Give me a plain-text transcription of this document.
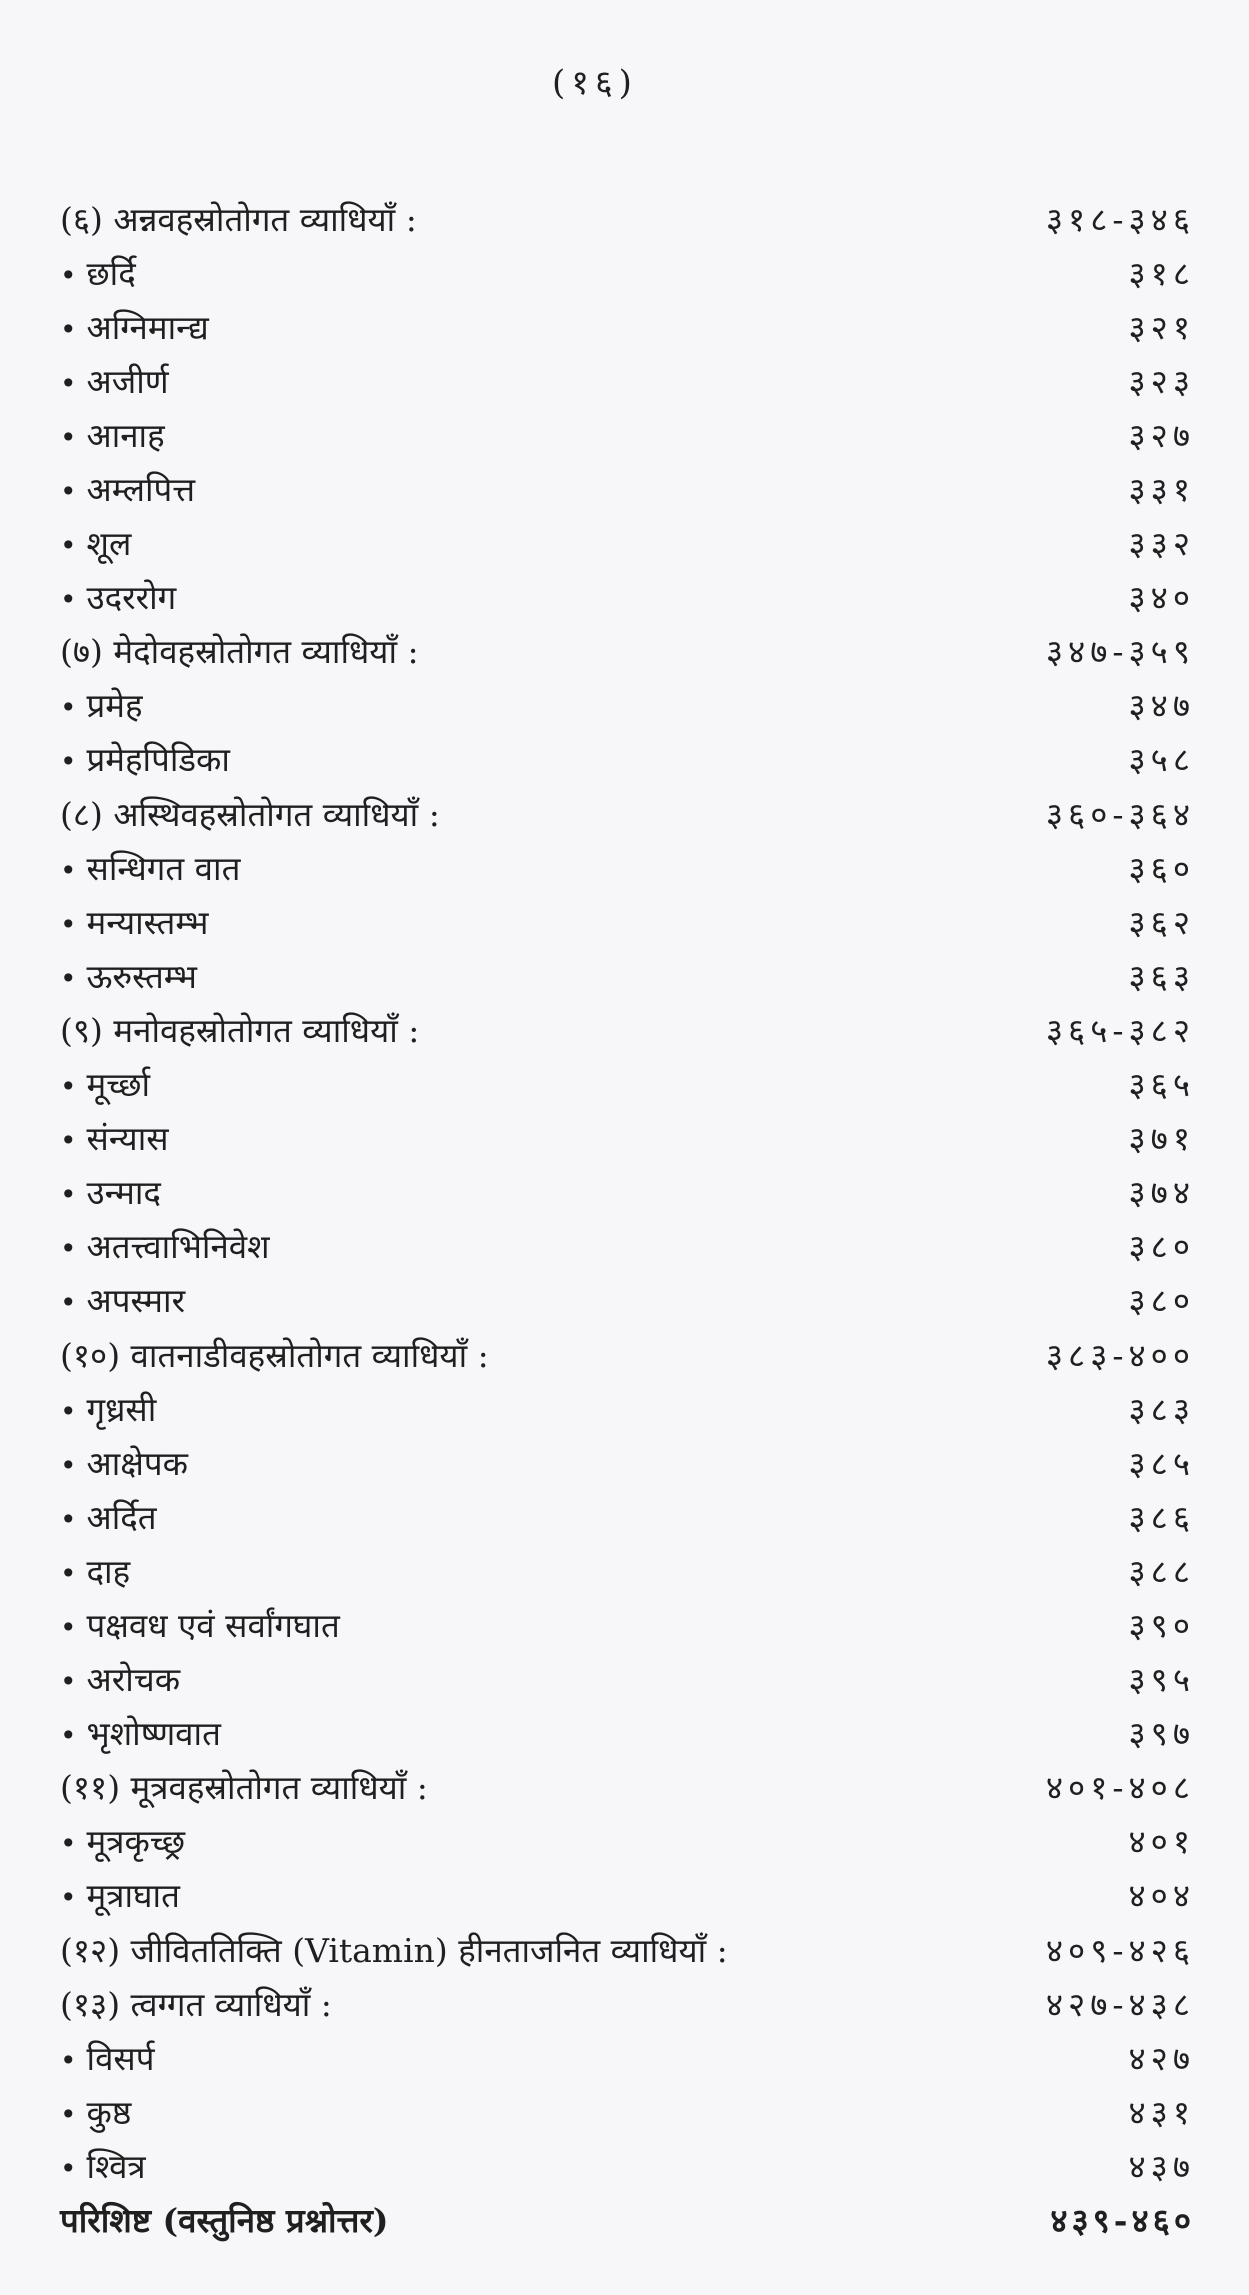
(१६)
(६) अन्नवहस्रोतोगत व्याधियाँ :	३१८-३४६
• छर्दि	३१८
• अग्निमान्द्य	३२१
• अजीर्ण	३२३
• आनाह	३२७
• अम्लपित्त	३३१
• शूल	३३२
• उदररोग	३४०
(७) मेदोवहस्रोतोगत व्याधियाँ :	३४७-३५९
• प्रमेह	३४७
• प्रमेहपिडिका	३५८
(८) अस्थिवहस्रोतोगत व्याधियाँ :	३६०-३६४
• सन्धिगत वात	३६०
• मन्यास्तम्भ	३६२
• ऊरुस्तम्भ	३६३
(९) मनोवहस्रोतोगत व्याधियाँ :	३६५-३८२
• मूर्च्छा	३६५
• संन्यास	३७१
• उन्माद	३७४
• अतत्त्वाभिनिवेश	३८०
• अपस्मार	३८०
(१०) वातनाडीवहस्रोतोगत व्याधियाँ :	३८३-४००
• गृध्रसी	३८३
• आक्षेपक	३८५
• अर्दित	३८६
• दाह	३८८
• पक्षवध एवं सर्वांगघात	३९०
• अरोचक	३९५
• भृशोष्णवात	३९७
(११) मूत्रवहस्रोतोगत व्याधियाँ :	४०१-४०८
• मूत्रकृच्छ्र	४०१
• मूत्राघात	४०४
(१२) जीविततिक्ति (Vitamin) हीनताजनित व्याधियाँ :	४०९-४२६
(१३) त्वग्गत व्याधियाँ :	४२७-४३८
• विसर्प	४२७
• कुष्ठ	४३१
• श्वित्र	४३७
परिशिष्ट (वस्तुनिष्ठ प्रश्नोत्तर)	४३९-४६०
